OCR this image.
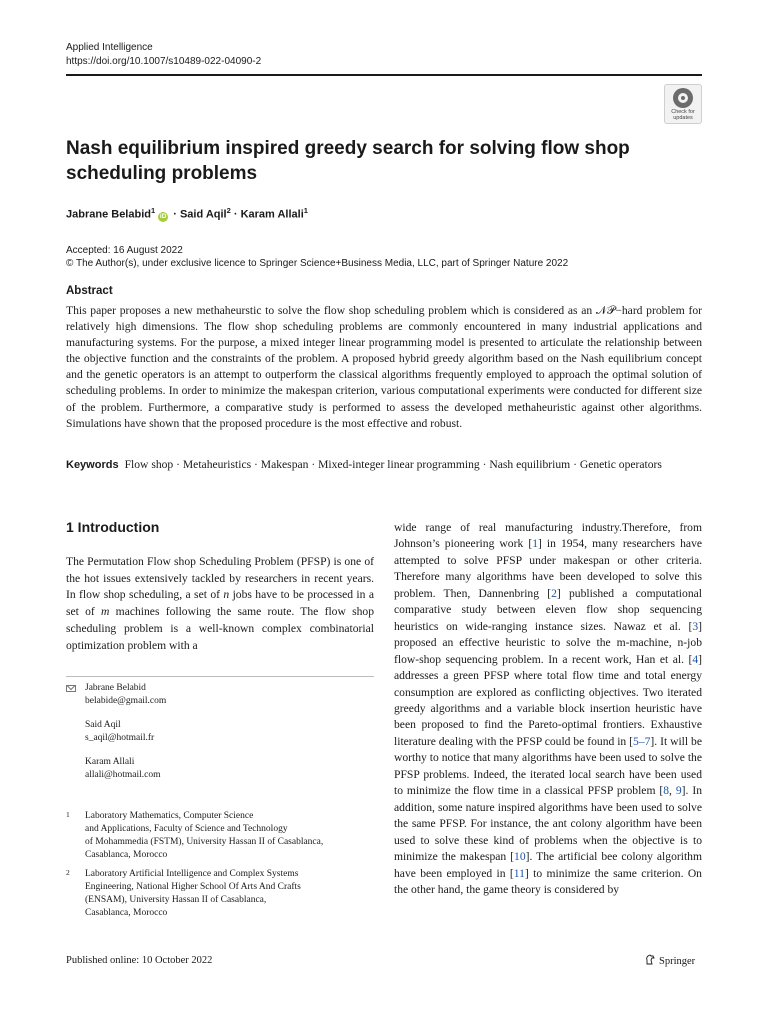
Applied Intelligence
https://doi.org/10.1007/s10489-022-04090-2
Check for
updates
Nash equilibrium inspired greedy search for solving flow shop scheduling problems
Jabrane Belabid$^1$iD · Said Aqil$^2$ · Karam Allali$^1$
Accepted: 16 August 2022
© The Author(s), under exclusive licence to Springer Science+Business Media, LLC, part of Springer Nature 2022
Abstract
This paper proposes a new methaheurstic to solve the flow shop scheduling problem which is considered as an 𝒩𝒫−hard problem for relatively high dimensions. The flow shop scheduling problems are commonly encountered in many industrial applications and manufacturing systems. For the purpose, a mixed integer linear programming model is presented to articulate the relationship between the objective function and the constraints of the problem. A proposed hybrid greedy algorithm based on the Nash equilibrium concept and the genetic operators is an attempt to outperform the classical algorithms frequently employed to approach the optimal solution of scheduling problems. In order to minimize the makespan criterion, various computational experiments were conducted for different size of the problem. Furthermore, a comparative study is performed to assess the developed methaheuristic against other algorithms. Simulations have shown that the proposed procedure is the most effective and robust.
Keywords Flow shop · Metaheuristics · Makespan · Mixed-integer linear programming · Nash equilibrium · Genetic operators
1 Introduction
The Permutation Flow shop Scheduling Problem (PFSP) is one of the hot issues extensively tackled by researchers in recent years. In flow shop scheduling, a set of n jobs have to be processed in a set of m machines following the same route. The flow shop scheduling problem is a well-known complex combinatorial optimization problem with a
wide range of real manufacturing industry.Therefore, from Johnson’s pioneering work [1] in 1954, many researchers have attempted to solve PFSP under makespan or other criteria. Therefore many algorithms have been developed to solve this problem. Then, Dannenbring [2] published a computational comparative study between eleven flow shop sequencing heuristics on wide-ranging instance sizes. Nawaz et al. [3] proposed an effective heuristic to solve the m-machine, n-job flow-shop sequencing problem. In a recent work, Han et al. [4] addresses a green PFSP where total flow time and total energy consumption are explored as conflicting objectives. Two iterated greedy algorithms and a variable block insertion heuristic have been proposed to find the Pareto-optimal frontiers. Exhaustive literature dealing with the PFSP could be found in [5–7]. It will be worthy to notice that many algorithms have been used to solve the PFSP problems. Indeed, the iterated local search have been used to minimize the flow time in a classical PFSP problem [8, 9]. In addition, some nature inspired algorithms have been used to solve the same PFSP. For instance, the ant colony algorithm have been used to solve these kind of problems when the objective is to minimize the makespan [10]. The artificial bee colony algorithm have been employed in [11] to minimize the same criterion. On the other hand, the game theory is considered by
Jabrane Belabid
belabide@gmail.com
Said Aqil
s_aqil@hotmail.fr
Karam Allali
allali@hotmail.com
1 Laboratory Mathematics, Computer Science
and Applications, Faculty of Science and Technology
of Mohammedia (FSTM), University Hassan II of Casablanca,
Casablanca, Morocco
2 Laboratory Artificial Intelligence and Complex Systems
Engineering, National Higher School Of Arts And Crafts
(ENSAM), University Hassan II of Casablanca,
Casablanca, Morocco
Published online: 10 October 2022	Springer
